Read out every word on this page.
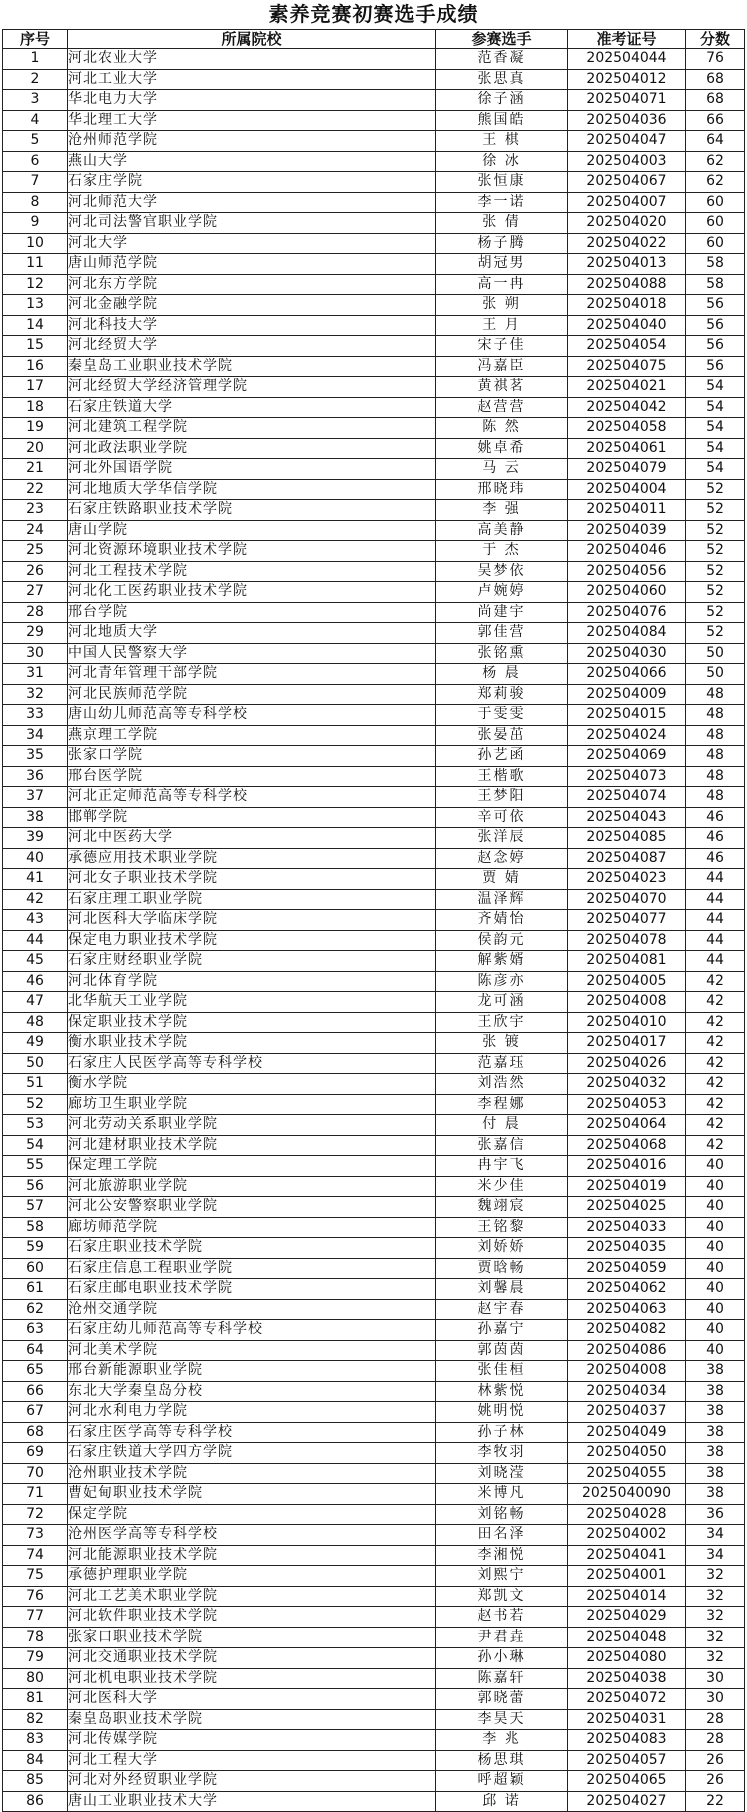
素养竞赛初赛选手成绩
序号	所属院校	参赛选手	准考证号	分数
1	河北农业大学	范香凝	202504044	76
2	河北工业大学	张思真	202504012	68
3	华北电力大学	徐子涵	202504071	68
4	华北理工大学	熊国皓	202504036	66
5	沧州师范学院	王 棋	202504047	64
6	燕山大学	徐 冰	202504003	62
7	石家庄学院	张恒康	202504067	62
8	河北师范大学	李一诺	202504007	60
9	河北司法警官职业学院	张 倩	202504020	60
10	河北大学	杨子腾	202504022	60
11	唐山师范学院	胡冠男	202504013	58
12	河北东方学院	高一冉	202504088	58
13	河北金融学院	张 朔	202504018	56
14	河北科技大学	王 月	202504040	56
15	河北经贸大学	宋子佳	202504054	56
16	秦皇岛工业职业技术学院	冯嘉臣	202504075	56
17	河北经贸大学经济管理学院	黄祺茗	202504021	54
18	石家庄铁道大学	赵营营	202504042	54
19	河北建筑工程学院	陈 然	202504058	54
20	河北政法职业学院	姚卓希	202504061	54
21	河北外国语学院	马 云	202504079	54
22	河北地质大学华信学院	邢晓玮	202504004	52
23	石家庄铁路职业技术学院	李 强	202504011	52
24	唐山学院	高美静	202504039	52
25	河北资源环境职业技术学院	于 杰	202504046	52
26	河北工程技术学院	吴梦依	202504056	52
27	河北化工医药职业技术学院	卢婉婷	202504060	52
28	邢台学院	尚建宇	202504076	52
29	河北地质大学	郭佳营	202504084	52
30	中国人民警察大学	张铭熏	202504030	50
31	河北青年管理干部学院	杨 晨	202504066	50
32	河北民族师范学院	郑莉骏	202504009	48
33	唐山幼儿师范高等专科学校	于雯雯	202504015	48
34	燕京理工学院	张晏茁	202504024	48
35	张家口学院	孙艺函	202504069	48
36	邢台医学院	王楷歌	202504073	48
37	河北正定师范高等专科学校	王梦阳	202504074	48
38	邯郸学院	辛可依	202504043	46
39	河北中医药大学	张洋辰	202504085	46
40	承德应用技术职业学院	赵念婷	202504087	46
41	河北女子职业技术学院	贾 婧	202504023	44
42	石家庄理工职业学院	温泽辉	202504070	44
43	河北医科大学临床学院	齐婧怡	202504077	44
44	保定电力职业技术学院	侯韵元	202504078	44
45	石家庄财经职业学院	解紫婿	202504081	44
46	河北体育学院	陈彦亦	202504005	42
47	北华航天工业学院	龙可涵	202504008	42
48	保定职业技术学院	王欣宇	202504010	42
49	衡水职业技术学院	张 镀	202504017	42
50	石家庄人民医学高等专科学校	范嘉珏	202504026	42
51	衡水学院	刘浩然	202504032	42
52	廊坊卫生职业学院	李程娜	202504053	42
53	河北劳动关系职业学院	付 晨	202504064	42
54	河北建材职业技术学院	张嘉信	202504068	42
55	保定理工学院	冉宇飞	202504016	40
56	河北旅游职业学院	米少佳	202504019	40
57	河北公安警察职业学院	魏翊宸	202504025	40
58	廊坊师范学院	王铭黎	202504033	40
59	石家庄职业技术学院	刘娇娇	202504035	40
60	石家庄信息工程职业学院	贾晗畅	202504059	40
61	石家庄邮电职业技术学院	刘馨晨	202504062	40
62	沧州交通学院	赵宇春	202504063	40
63	石家庄幼儿师范高等专科学校	孙嘉宁	202504082	40
64	河北美术学院	郭茵茵	202504086	40
65	邢台新能源职业学院	张佳桓	202504008	38
66	东北大学秦皇岛分校	林紫悦	202504034	38
67	河北水利电力学院	姚明悦	202504037	38
68	石家庄医学高等专科学校	孙子林	202504049	38
69	石家庄铁道大学四方学院	李牧羽	202504050	38
70	沧州职业技术学院	刘晓滢	202504055	38
71	曹妃甸职业技术学院	米博凡	2025040090	38
72	保定学院	刘铭畅	202504028	36
73	沧州医学高等专科学校	田名泽	202504002	34
74	河北能源职业技术学院	李湘悦	202504041	34
75	承德护理职业学院	刘熙宁	202504001	32
76	河北工艺美术职业学院	郑凯文	202504014	32
77	河北软件职业技术学院	赵书若	202504029	32
78	张家口职业技术学院	尹君垚	202504048	32
79	河北交通职业技术学院	孙小琳	202504080	32
80	河北机电职业技术学院	陈嘉轩	202504038	30
81	河北医科大学	郭晓蕾	202504072	30
82	秦皇岛职业技术学院	李昊天	202504031	28
83	河北传媒学院	李 兆	202504083	28
84	河北工程大学	杨思琪	202504057	26
85	河北对外经贸职业学院	呼超颖	202504065	26
86	唐山工业职业技术大学	邱 诺	202504027	22
